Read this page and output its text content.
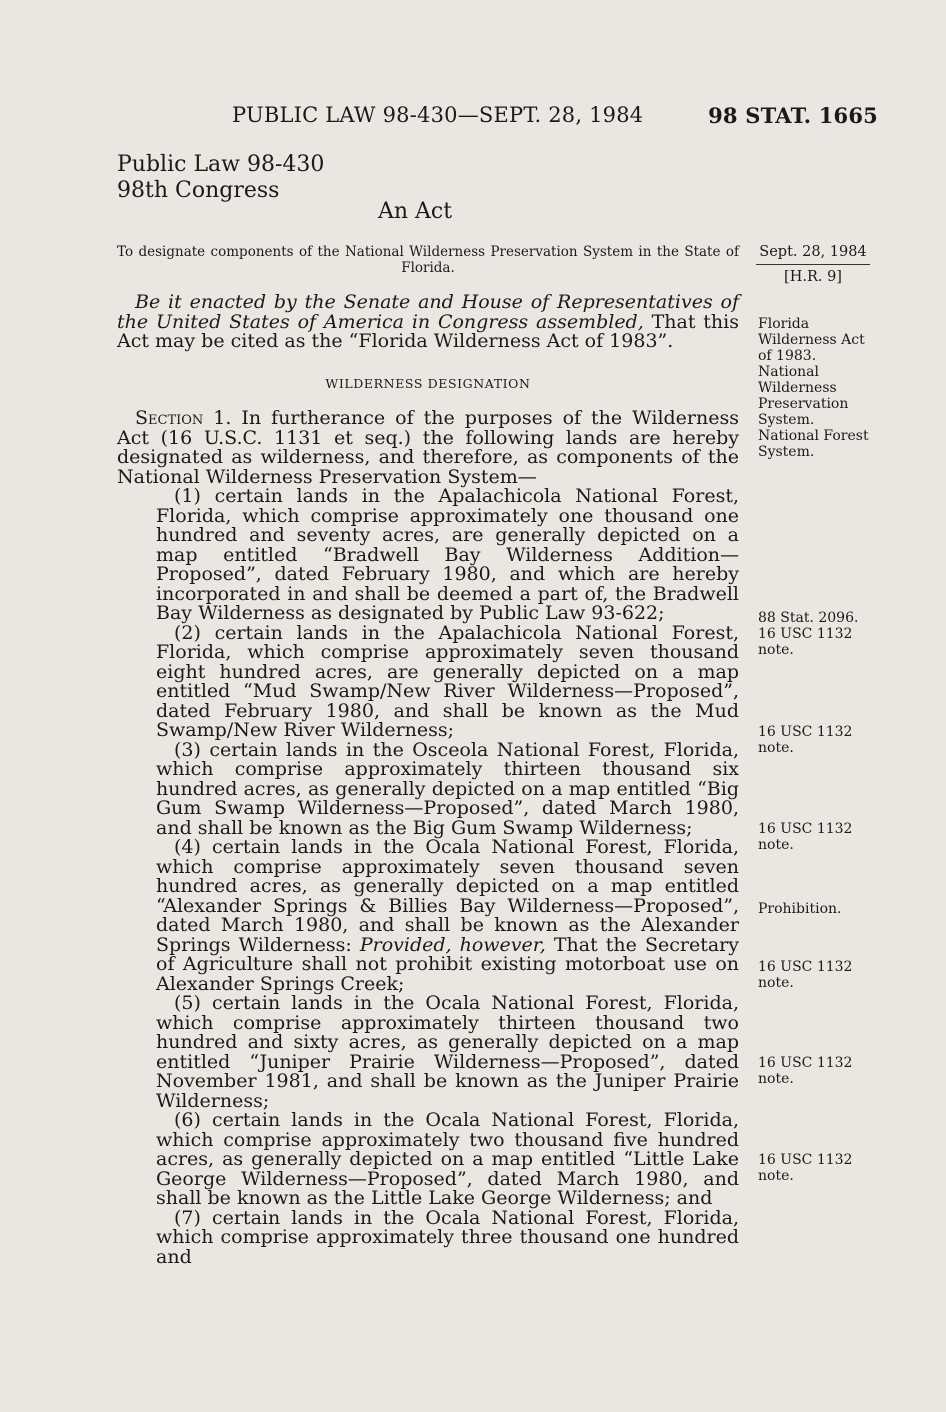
PUBLIC LAW 98-430—SEPT. 28, 1984	98 STAT. 1665
Public Law 98-430
98th Congress
An Act
To designate components of the National Wilderness Preservation System in the State of Florida.
Sept. 28, 1984
[H.R. 9]

Be it enacted by the Senate and House of Representatives of the United States of America in Congress assembled, That this Act may be cited as the “Florida Wilderness Act of 1983”.

WILDERNESS DESIGNATION

Section 1. In furtherance of the purposes of the Wilderness Act (16 U.S.C. 1131 et seq.) the following lands are hereby designated as wilderness, and therefore, as components of the National Wilderness Preservation System—

(1) certain lands in the Apalachicola National Forest, Florida, which comprise approximately one thousand one hundred and seventy acres, are generally depicted on a map entitled “Bradwell Bay Wilderness Addition—Proposed”, dated February 1980, and which are hereby incorporated in and shall be deemed a part of, the Bradwell Bay Wilderness as designated by Public Law 93-622;

(2) certain lands in the Apalachicola National Forest, Florida, which comprise approximately seven thousand eight hundred acres, are generally depicted on a map entitled “Mud Swamp/New River Wilderness—Proposed”, dated February 1980, and shall be known as the Mud Swamp/New River Wilderness;

(3) certain lands in the Osceola National Forest, Florida, which comprise approximately thirteen thousand six hundred acres, as generally depicted on a map entitled “Big Gum Swamp Wilderness—Proposed”, dated March 1980, and shall be known as the Big Gum Swamp Wilderness;

(4) certain lands in the Ocala National Forest, Florida, which comprise approximately seven thousand seven hundred acres, as generally depicted on a map entitled “Alexander Springs & Billies Bay Wilderness—Proposed”, dated March 1980, and shall be known as the Alexander Springs Wilderness: Provided, however, That the Secretary of Agriculture shall not prohibit existing motorboat use on Alexander Springs Creek;

(5) certain lands in the Ocala National Forest, Florida, which comprise approximately thirteen thousand two hundred and sixty acres, as generally depicted on a map entitled “Juniper Prairie Wilderness—Proposed”, dated November 1981, and shall be known as the Juniper Prairie Wilderness;

(6) certain lands in the Ocala National Forest, Florida, which comprise approximately two thousand five hundred acres, as generally depicted on a map entitled “Little Lake George Wilderness—Proposed”, dated March 1980, and shall be known as the Little Lake George Wilderness; and

(7) certain lands in the Ocala National Forest, Florida, which comprise approximately three thousand one hundred and

Florida
Wilderness Act
of 1983.
National
Wilderness
Preservation
System.
National Forest
System.
88 Stat. 2096.
16 USC 1132
note.
16 USC 1132
note.
16 USC 1132
note.
Prohibition.
16 USC 1132
note.
16 USC 1132
note.
16 USC 1132
note.
